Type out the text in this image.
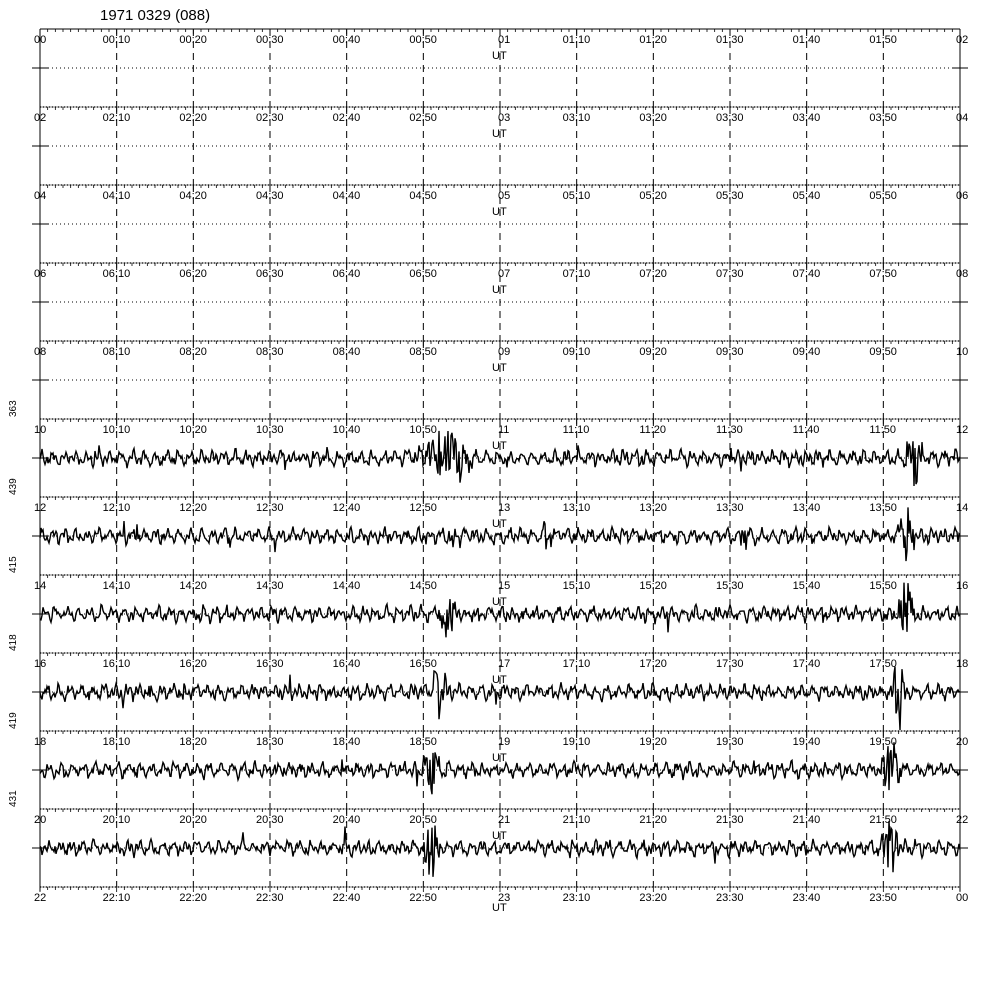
1971 0329 (088)
00	00:10	00:20	00:30	00:40	00:50	01	01:10	01:20	01:30	01:40	01:50	02
UT
02	02:10	02:20	02:30	02:40	02:50	03	03:10	03:20	03:30	03:40	03:50	04
UT
04	04:10	04:20	04:30	04:40	04:50	05	05:10	05:20	05:30	05:40	05:50	06
UT
06	06:10	06:20	06:30	06:40	06:50	07	07:10	07:20	07:30	07:40	07:50	08
UT
08	08:10	08:20	08:30	08:40	08:50	09	09:10	09:20	09:30	09:40	09:50	10
UT
10	10:10	10:20	10:30	10:40	10:50	11	11:10	11:20	11:30	11:40	11:50	12
UT
363
12	12:10	12:20	12:30	12:40	12:50	13	13:10	13:20	13:30	13:40	13:50	14
UT
439
14	14:10	14:20	14:30	14:40	14:50	15	15:10	15:20	15:30	15:40	15:50	16
UT
415
16	16:10	16:20	16:30	16:40	16:50	17	17:10	17:20	17:30	17:40	17:50	18
UT
418
18	18:10	18:20	18:30	18:40	18:50	19	19:10	19:20	19:30	19:40	19:50	20
UT
419
20	20:10	20:20	20:30	20:40	20:50	21	21:10	21:20	21:30	21:40	21:50	22
UT
431
22	22:10	22:20	22:30	22:40	22:50	23	23:10	23:20	23:30	23:40	23:50	00
UT
